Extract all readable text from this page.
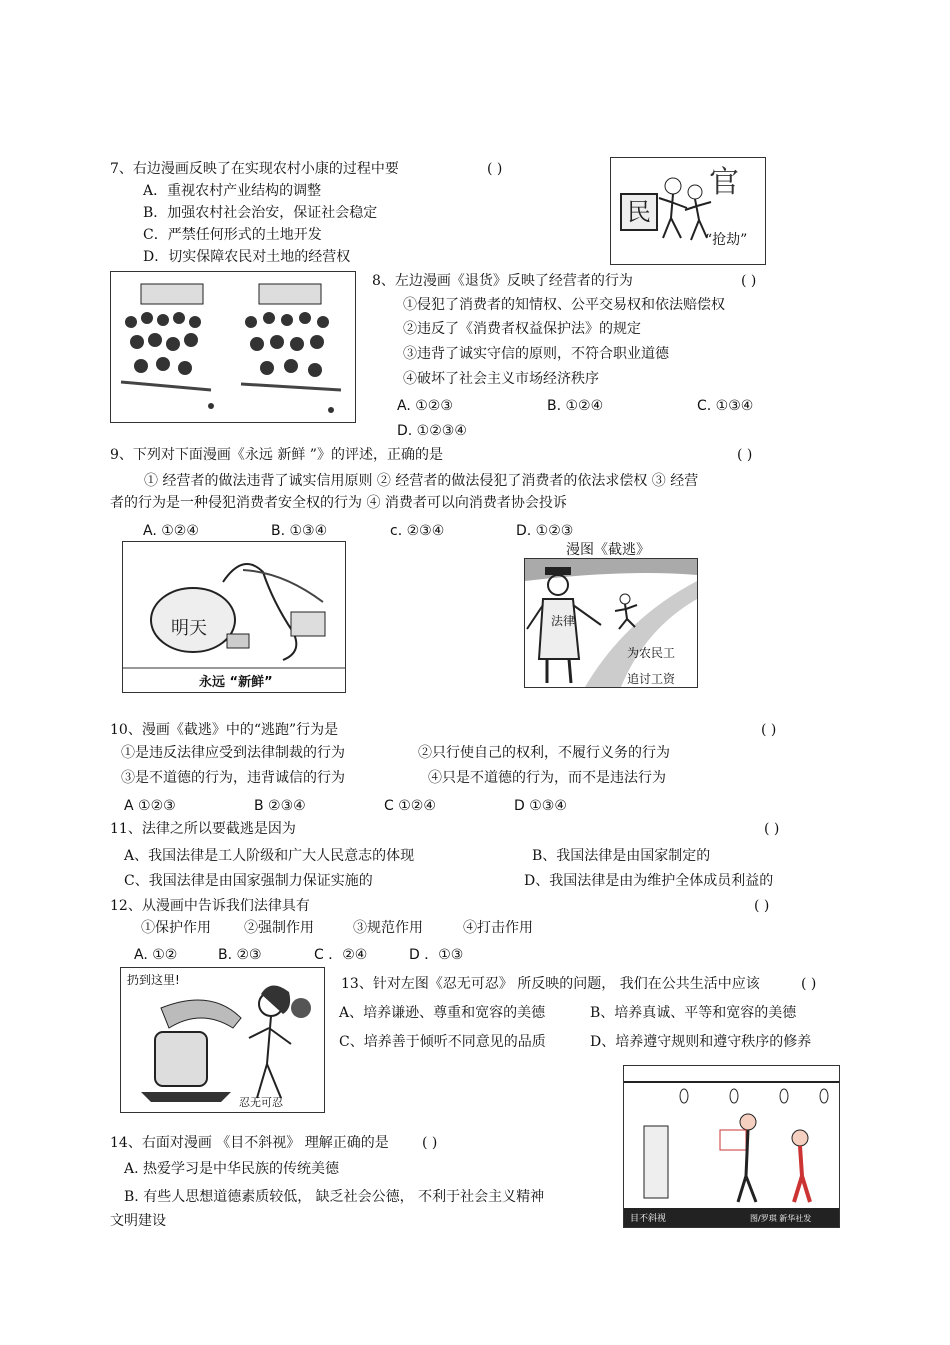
7、右边漫画反映了在实现农村小康的过程中要	( )
A．重视农村产业结构的调整
B．加强农村社会治安，保证社会稳定
C．严禁任何形式的土地开发
D．切实保障农民对土地的经营权
民
官
“抢劫”
8、左边漫画《退货》反映了经营者的行为	( )
①侵犯了消费者的知情权、公平交易权和依法赔偿权
②违反了《消费者权益保护法》的规定
③违背了诚实守信的原则，不符合职业道德
④破坏了社会主义市场经济秩序
A. ①②③	B. ①②④	C. ①③④
D. ①②③④
9、下列对下面漫画《永远 新鲜 ”》的评述，正确的是	( )
① 经营者的做法违背了诚实信用原则 ② 经营者的做法侵犯了消费者的依法求偿权 ③ 经营
者的行为是一种侵犯消费者安全权的行为 ④ 消费者可以向消费者协会投诉
A. ①②④	B. ①③④	c. ②③④	D. ①②③
明天
永远 “新鲜”
漫图《截逃》
法律
为农民工
追讨工资
10、漫画《截逃》中的“逃跑”行为是	( )
①是违反法律应受到法律制裁的行为	②只行使自己的权利，不履行义务的行为
③是不道德的行为，违背诚信的行为	④只是不道德的行为，而不是违法行为
A ①②③	B ②③④	C ①②④	D ①③④
11、法律之所以要截逃是因为	( )
A、我国法律是工人阶级和广大人民意志的体现	B、我国法律是由国家制定的
C、我国法律是由国家强制力保证实施的	D、我国法律是由为维护全体成员利益的
12、从漫画中告诉我们法律具有	( )
①保护作用 ②强制作用	③规范作用	④打击作用
A. ①②	B. ②③	C ．②④	D ．①③
扔到这里!
忍无可忍
13、针对左图《忍无可忍》 所反映的问题， 我们在公共生活中应该	( )
A、培养谦逊、尊重和宽容的美德	B、培养真诚、平等和宽容的美德
C、培养善于倾听不同意见的品质	D、培养遵守规则和遵守秩序的修养
目不斜视	图/罗琪 新华社发
14、右面对漫画 《目不斜视》 理解正确的是 ( )
A. 热爱学习是中华民族的传统美德
B. 有些人思想道德素质较低， 缺乏社会公德， 不利于社会主义精神
文明建设
